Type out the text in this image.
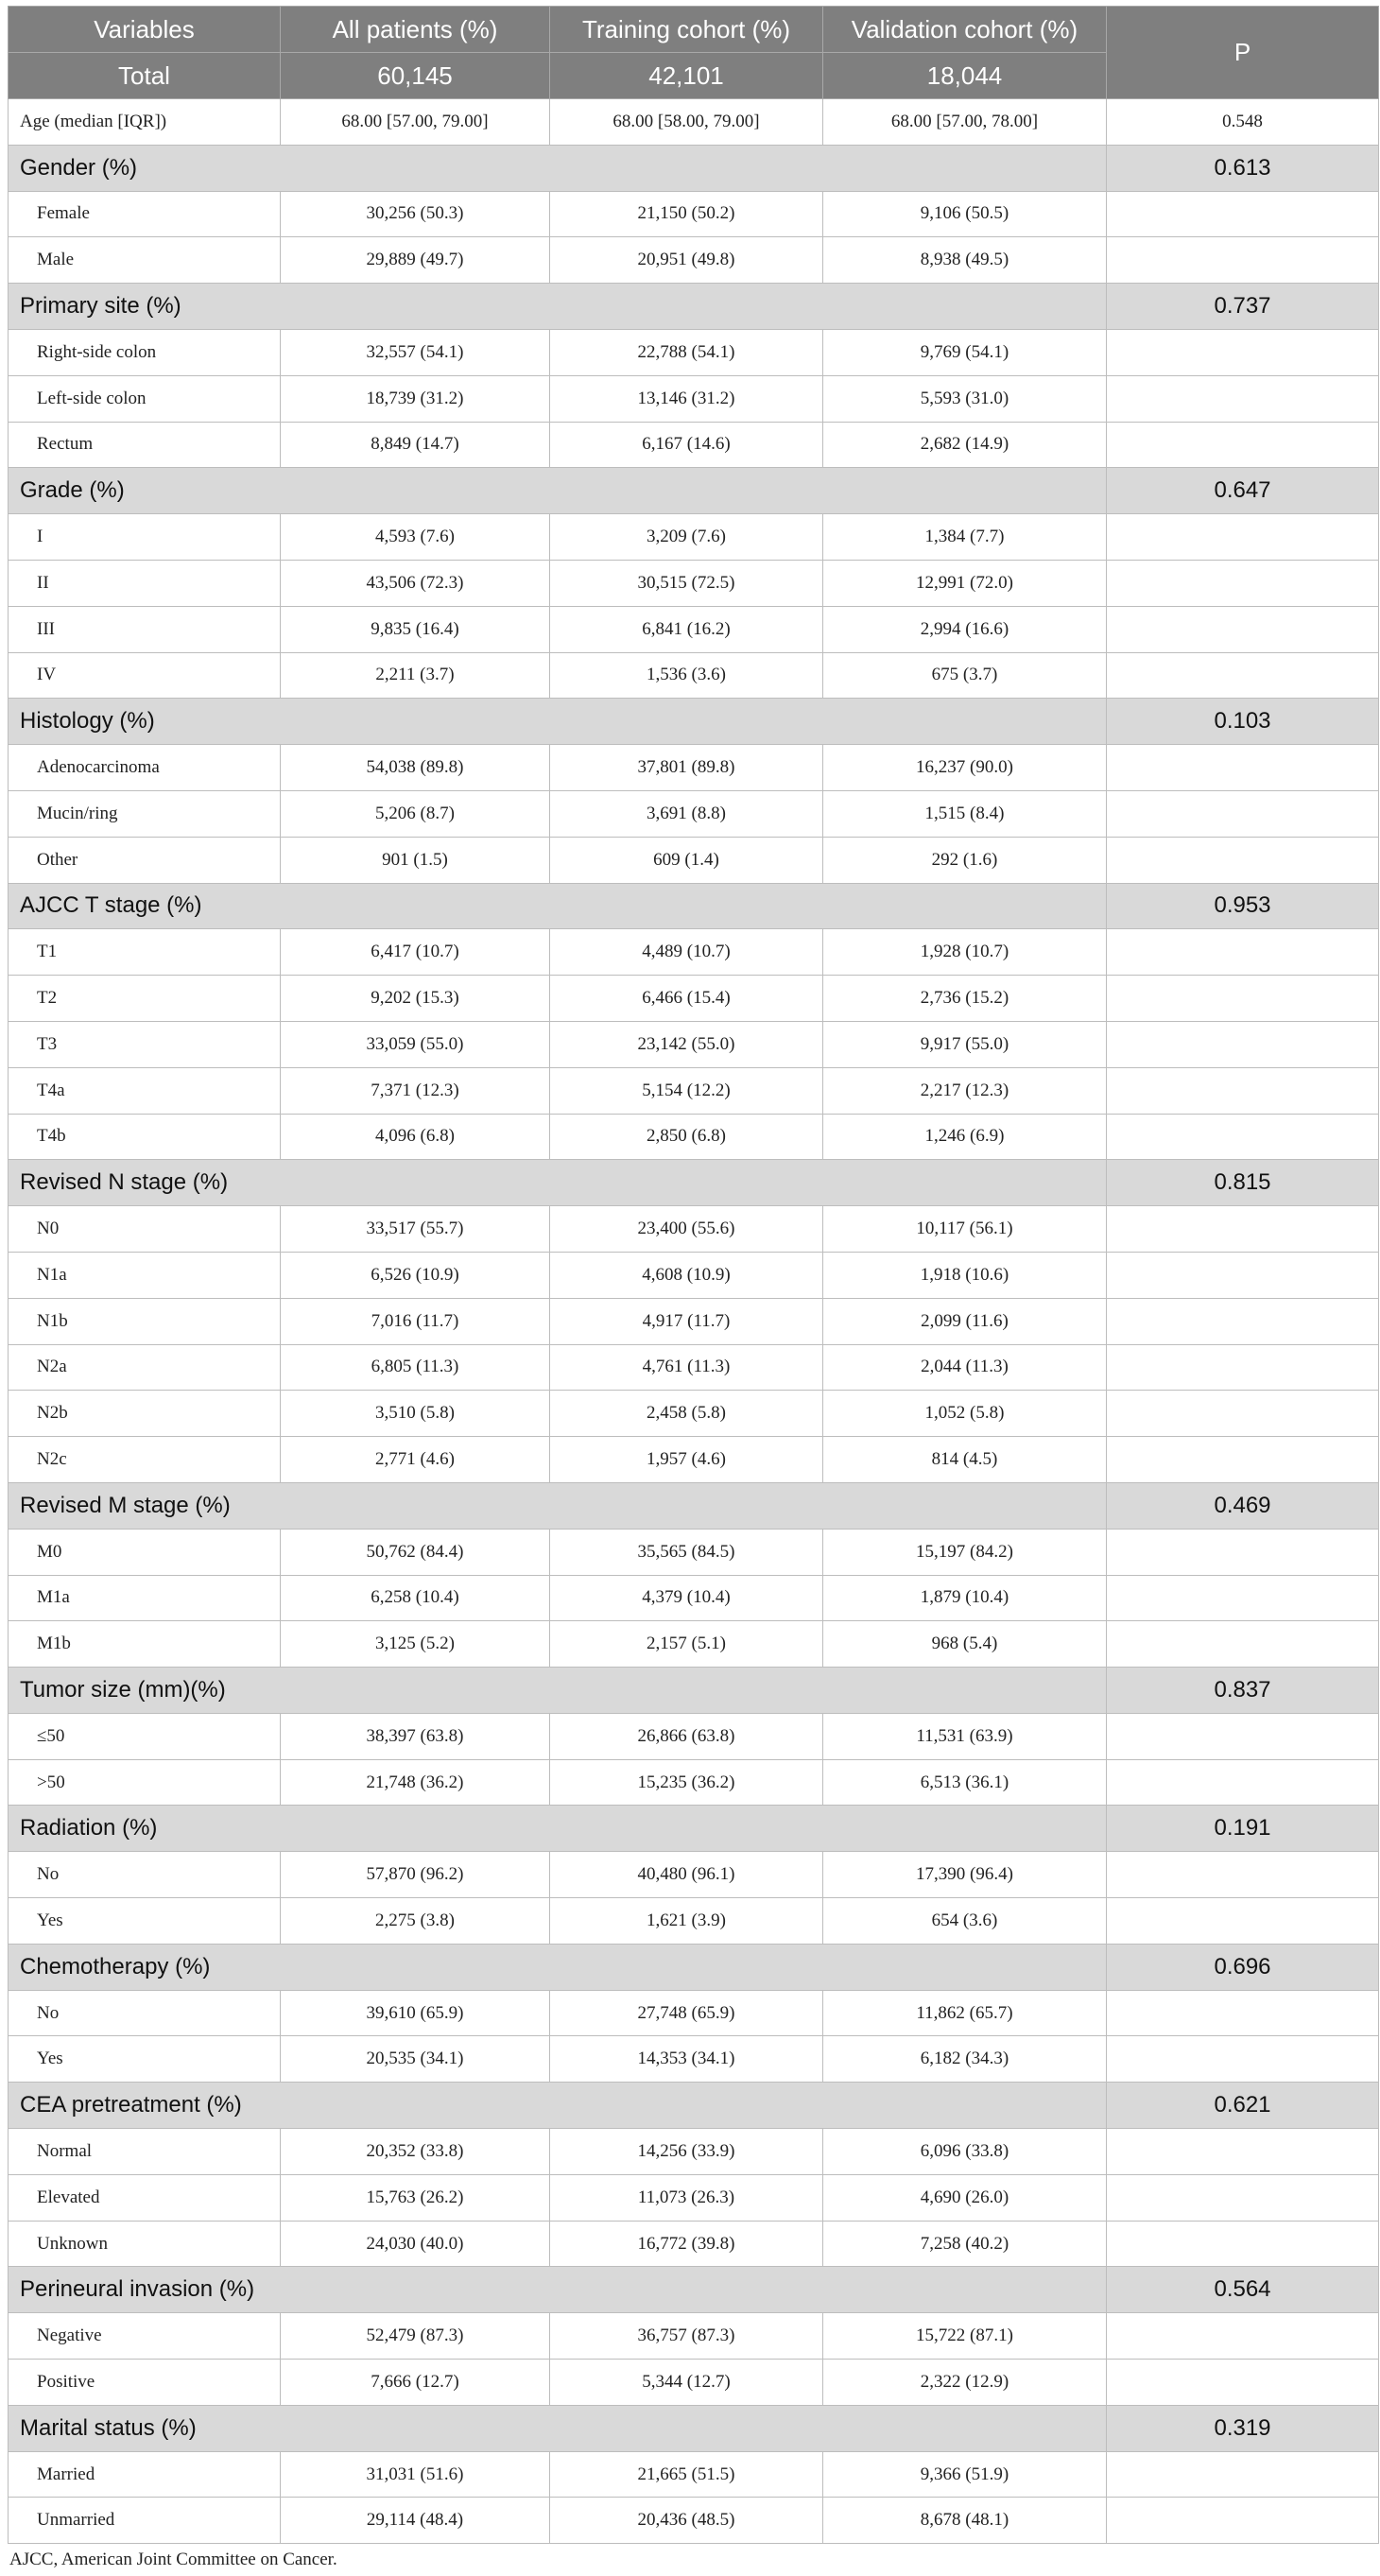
Variables	All patients (%)	Training cohort (%)	Validation cohort (%)	P
Total	60,145	42,101	18,044	
Age (median [IQR])	68.00 [57.00, 79.00]	68.00 [58.00, 79.00]	68.00 [57.00, 78.00]	0.548
Gender (%)				0.613
Female	30,256 (50.3)	21,150 (50.2)	9,106 (50.5)	
Male	29,889 (49.7)	20,951 (49.8)	8,938 (49.5)	
Primary site (%)				0.737
Right-side colon	32,557 (54.1)	22,788 (54.1)	9,769 (54.1)	
Left-side colon	18,739 (31.2)	13,146 (31.2)	5,593 (31.0)	
Rectum	8,849 (14.7)	6,167 (14.6)	2,682 (14.9)	
Grade (%)				0.647
I	4,593 (7.6)	3,209 (7.6)	1,384 (7.7)	
II	43,506 (72.3)	30,515 (72.5)	12,991 (72.0)	
III	9,835 (16.4)	6,841 (16.2)	2,994 (16.6)	
IV	2,211 (3.7)	1,536 (3.6)	675 (3.7)	
Histology (%)				0.103
Adenocarcinoma	54,038 (89.8)	37,801 (89.8)	16,237 (90.0)	
Mucin/ring	5,206 (8.7)	3,691 (8.8)	1,515 (8.4)	
Other	901 (1.5)	609 (1.4)	292 (1.6)	
AJCC T stage (%)				0.953
T1	6,417 (10.7)	4,489 (10.7)	1,928 (10.7)	
T2	9,202 (15.3)	6,466 (15.4)	2,736 (15.2)	
T3	33,059 (55.0)	23,142 (55.0)	9,917 (55.0)	
T4a	7,371 (12.3)	5,154 (12.2)	2,217 (12.3)	
T4b	4,096 (6.8)	2,850 (6.8)	1,246 (6.9)	
Revised N stage (%)				0.815
N0	33,517 (55.7)	23,400 (55.6)	10,117 (56.1)	
N1a	6,526 (10.9)	4,608 (10.9)	1,918 (10.6)	
N1b	7,016 (11.7)	4,917 (11.7)	2,099 (11.6)	
N2a	6,805 (11.3)	4,761 (11.3)	2,044 (11.3)	
N2b	3,510 (5.8)	2,458 (5.8)	1,052 (5.8)	
N2c	2,771 (4.6)	1,957 (4.6)	814 (4.5)	
Revised M stage (%)				0.469
M0	50,762 (84.4)	35,565 (84.5)	15,197 (84.2)	
M1a	6,258 (10.4)	4,379 (10.4)	1,879 (10.4)	
M1b	3,125 (5.2)	2,157 (5.1)	968 (5.4)	
Tumor size (mm)(%)				0.837
≤50	38,397 (63.8)	26,866 (63.8)	11,531 (63.9)	
>50	21,748 (36.2)	15,235 (36.2)	6,513 (36.1)	
Radiation (%)				0.191
No	57,870 (96.2)	40,480 (96.1)	17,390 (96.4)	
Yes	2,275 (3.8)	1,621 (3.9)	654 (3.6)	
Chemotherapy (%)				0.696
No	39,610 (65.9)	27,748 (65.9)	11,862 (65.7)	
Yes	20,535 (34.1)	14,353 (34.1)	6,182 (34.3)	
CEA pretreatment (%)				0.621
Normal	20,352 (33.8)	14,256 (33.9)	6,096 (33.8)	
Elevated	15,763 (26.2)	11,073 (26.3)	4,690 (26.0)	
Unknown	24,030 (40.0)	16,772 (39.8)	7,258 (40.2)	
Perineural invasion (%)				0.564
Negative	52,479 (87.3)	36,757 (87.3)	15,722 (87.1)	
Positive	7,666 (12.7)	5,344 (12.7)	2,322 (12.9)	
Marital status (%)				0.319
Married	31,031 (51.6)	21,665 (51.5)	9,366 (51.9)	
Unmarried	29,114 (48.4)	20,436 (48.5)	8,678 (48.1)	
AJCC, American Joint Committee on Cancer.
